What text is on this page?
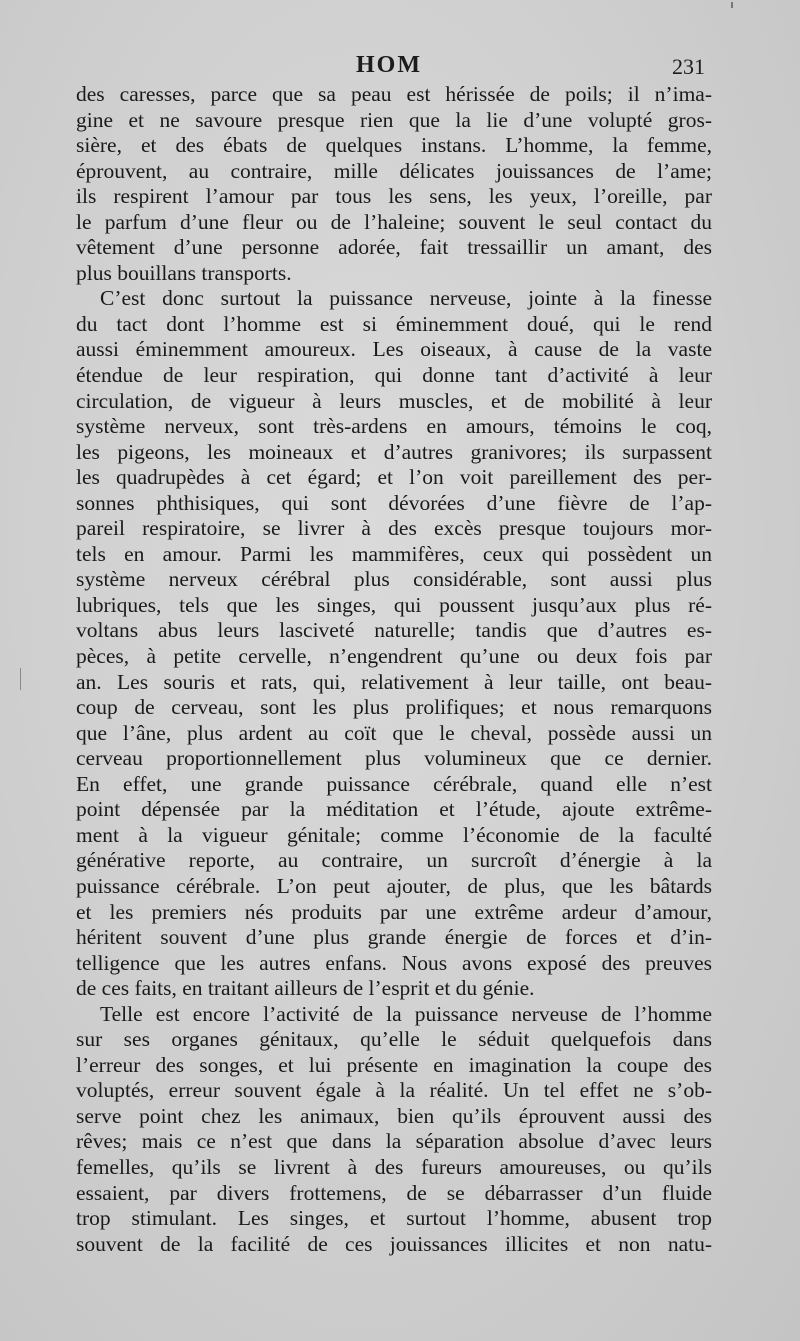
HOM	231
des caresses, parce que sa peau est hérissée de poils; il n’ima-
gine et ne savoure presque rien que la lie d’une volupté gros-
sière, et des ébats de quelques instans. L’homme, la femme,
éprouvent, au contraire, mille délicates jouissances de l’ame;
ils respirent l’amour par tous les sens, les yeux, l’oreille, par
le parfum d’une fleur ou de l’haleine; souvent le seul contact du
vêtement d’une personne adorée, fait tressaillir un amant, des
plus bouillans transports.
C’est donc surtout la puissance nerveuse, jointe à la finesse
du tact dont l’homme est si éminemment doué, qui le rend
aussi éminemment amoureux. Les oiseaux, à cause de la vaste
étendue de leur respiration, qui donne tant d’activité à leur
circulation, de vigueur à leurs muscles, et de mobilité à leur
système nerveux, sont très-ardens en amours, témoins le coq,
les pigeons, les moineaux et d’autres granivores; ils surpassent
les quadrupèdes à cet égard; et l’on voit pareillement des per-
sonnes phthisiques, qui sont dévorées d’une fièvre de l’ap-
pareil respiratoire, se livrer à des excès presque toujours mor-
tels en amour. Parmi les mammifères, ceux qui possèdent un
système nerveux cérébral plus considérable, sont aussi plus
lubriques, tels que les singes, qui poussent jusqu’aux plus ré-
voltans abus leurs lasciveté naturelle; tandis que d’autres es-
pèces, à petite cervelle, n’engendrent qu’une ou deux fois par
an. Les souris et rats, qui, relativement à leur taille, ont beau-
coup de cerveau, sont les plus prolifiques; et nous remarquons
que l’âne, plus ardent au coït que le cheval, possède aussi un
cerveau proportionnellement plus volumineux que ce dernier.
En effet, une grande puissance cérébrale, quand elle n’est
point dépensée par la méditation et l’étude, ajoute extrême-
ment à la vigueur génitale; comme l’économie de la faculté
générative reporte, au contraire, un surcroît d’énergie à la
puissance cérébrale. L’on peut ajouter, de plus, que les bâtards
et les premiers nés produits par une extrême ardeur d’amour,
héritent souvent d’une plus grande énergie de forces et d’in-
telligence que les autres enfans. Nous avons exposé des preuves
de ces faits, en traitant ailleurs de l’esprit et du génie.
Telle est encore l’activité de la puissance nerveuse de l’homme
sur ses organes génitaux, qu’elle le séduit quelquefois dans
l’erreur des songes, et lui présente en imagination la coupe des
voluptés, erreur souvent égale à la réalité. Un tel effet ne s’ob-
serve point chez les animaux, bien qu’ils éprouvent aussi des
rêves; mais ce n’est que dans la séparation absolue d’avec leurs
femelles, qu’ils se livrent à des fureurs amoureuses, ou qu’ils
essaient, par divers frottemens, de se débarrasser d’un fluide
trop stimulant. Les singes, et surtout l’homme, abusent trop
souvent de la facilité de ces jouissances illicites et non natu-
